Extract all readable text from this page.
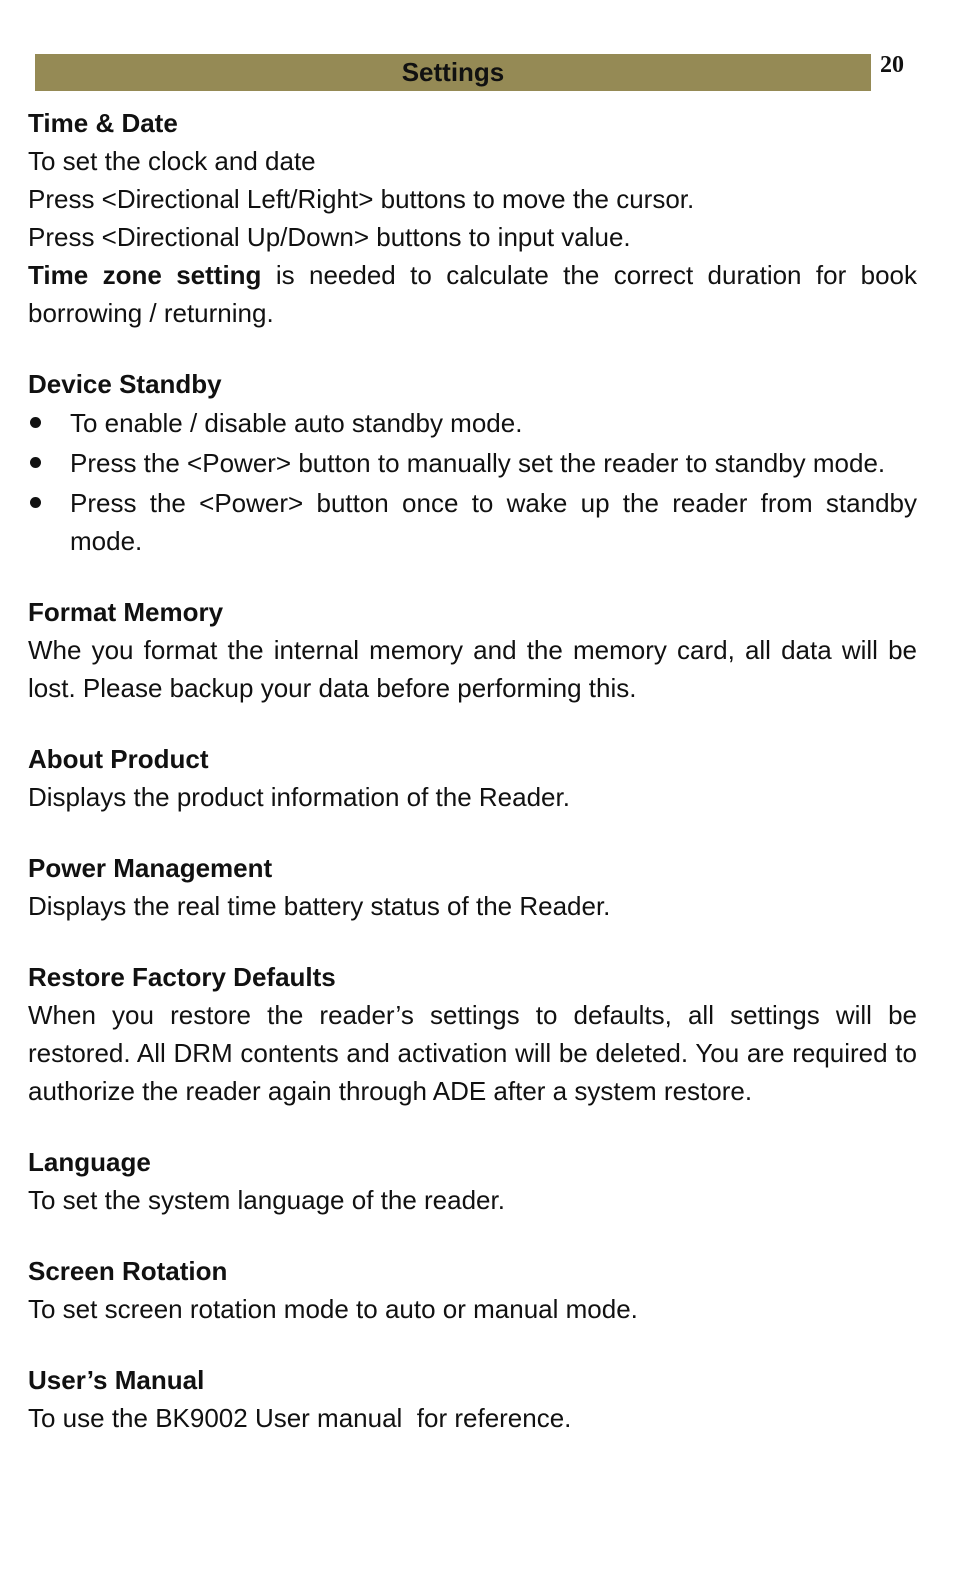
Settings	20
Time & Date

To set the clock and date

Press <Directional Left/Right> buttons to move the cursor.

Press <Directional Up/Down> buttons to input value.

Time zone setting is needed to calculate the correct duration for book borrowing / returning.

Device Standby
To enable / disable auto standby mode.
Press the <Power> button to manually set the reader to standby mode.
Press the <Power> button once to wake up the reader from standby mode.
Format Memory

Whe you format the internal memory and the memory card, all data will be lost. Please backup your data before performing this.

About Product

Displays the product information of the Reader.

Power Management

Displays the real time battery status of the Reader.

Restore Factory Defaults

When you restore the reader’s settings to defaults, all settings will be restored. All DRM contents and activation will be deleted. You are required to authorize the reader again through ADE after a system restore.

Language

To set the system language of the reader.

Screen Rotation

To set screen rotation mode to auto or manual mode.

User’s Manual

To use the BK9002 User manual  for reference.
